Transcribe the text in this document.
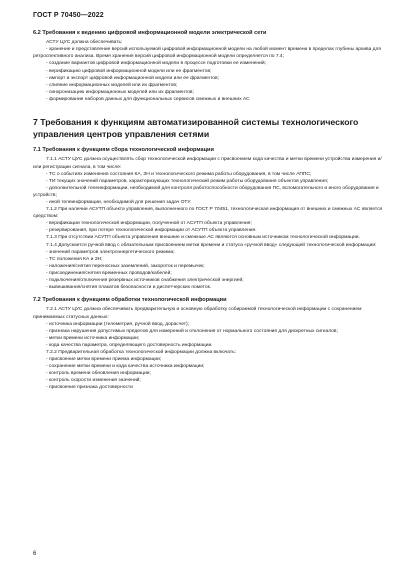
ГОСТ Р 70450—2022

6.2 Требования к ведению цифровой информационной модели электрической сети

АСТУ ЦУС должна обеспечивать:

- хранение и представление версий используемой цифровой информационной модели на любой момент времени в пределах глубины архива для ретроспективного анализа. Время хранения версий цифровой информационной модели определяется по 7.4;

- создание вариантов цифровой информационной модели в процессе подготовки ее изменений;

- верификацию цифровой информационной модели или ее фрагментов;

- импорт и экспорт цифровой информационной модели или ее фрагментов;

- слияние информационных моделей или их фрагментов;

- синхронизацию информационных моделей или их фрагментов;

- формирование наборов данных для функциональных сервисов смежных и внешних АС

7 Требования к функциям автоматизированной системы технологического управления центров управления сетями

7.1 Требования к функциям сбора технологической информации

7.1.1 АСТУ ЦУС должна осуществлять сбор технологической информации с присвоением кода качества и метки времени устройства измерения и/или регистрации сигнала, в том числе:

- ТС о событиях изменения состояния КА, ЗН и технологического режима работы оборудования, в том числе АППС;

- ТИ текущих значений параметров, характеризующих технологический режим работы оборудования объектов управления;

- дополнительной телеинформации, необходимой для контроля работоспособности оборудования ПС, вспомогательного и иного оборудования и устройств;

- иной телеинформации, необходимой для решения задач ОТУ.

7.1.2 При наличии АСУТП объекта управления, выполненного по ГОСТ Р 70451, технологическая информация от внешних и смежных АС является средством:

- верификации технологической информации, полученной от АСУТП объекта управления;

- резервирования, при потере технологической информации от АСУТП объекта управления.

7.1.3 При отсутствии АСУТП объекта управления внешние и смежные АС являются основным источником технологической информации.

7.1.4 Допускается ручной ввод с обязательным присвоением метки времени и статуса «ручной ввод» следующей технологической информации:

- значений параметров электроэнергетического режима;

- ТС положения КА и ЗН;

- наложения/снятия переносных заземлений, закороток и перемычек;

- присоединения/снятия временных проводов/кабелей;

- подключения/отключения резервных источников снабжения электрической энергией;

- вывешивания/снятия плакатов безопасности и диспетчерских пометок.

7.2 Требования к функциям обработки технологической информации

7.2.1 АСТУ ЦУС должна обеспечивать предварительную и основную обработку собираемой технологической информации с сохранением принимаемых статусных данных:

- источника информации (телеметрия, ручной ввод, дорасчет);

- признака нарушения допустимых пределов для измерений и отклонения от нормального состояния для дискретных сигналов;

- метки времени источника информации;

- кода качества параметра, определяющего достоверность информации.

7.2.2 Предварительная обработка технологической информации должна включать:

- присвоение метки времени приема информации;

- сохранение метки времени и кода качества источника информации;

- контроль времени обновления информации;

- контроль скорости изменения значений;

- присвоение признака достоверности

6
